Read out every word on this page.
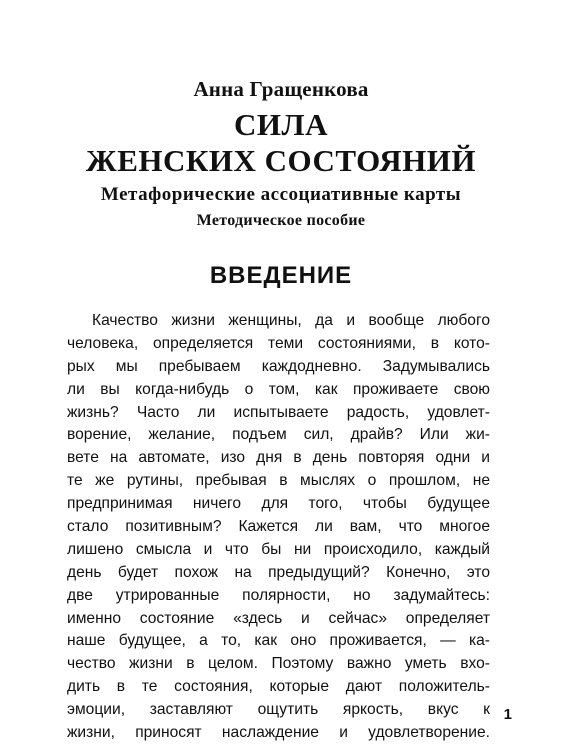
Анна Гращенкова
СИЛА
ЖЕНСКИХ СОСТОЯНИЙ
Метафорические ассоциативные карты
Методическое пособие
ВВЕДЕНИЕ
Качество жизни женщины, да и вообще любого
человека, определяется теми состояниями, в кото-
рых мы пребываем каждодневно. Задумывались
ли вы когда-нибудь о том, как проживаете свою
жизнь? Часто ли испытываете радость, удовлет-
ворение, желание, подъем сил, драйв? Или жи-
вете на автомате, изо дня в день повторяя одни и
те же рутины, пребывая в мыслях о прошлом, не
предпринимая ничего для того, чтобы будущее
стало позитивным? Кажется ли вам, что многое
лишено смысла и что бы ни происходило, каждый
день будет похож на предыдущий? Конечно, это
две утрированные полярности, но задумайтесь:
именно состояние «здесь и сейчас» определяет
наше будущее, а то, как оно проживается, — ка-
чество жизни в целом. Поэтому важно уметь вхо-
дить в те состояния, которые дают положитель-
эмоции, заставляют ощутить яркость, вкус к
жизни, приносят наслаждение и удовлетворение.
1
